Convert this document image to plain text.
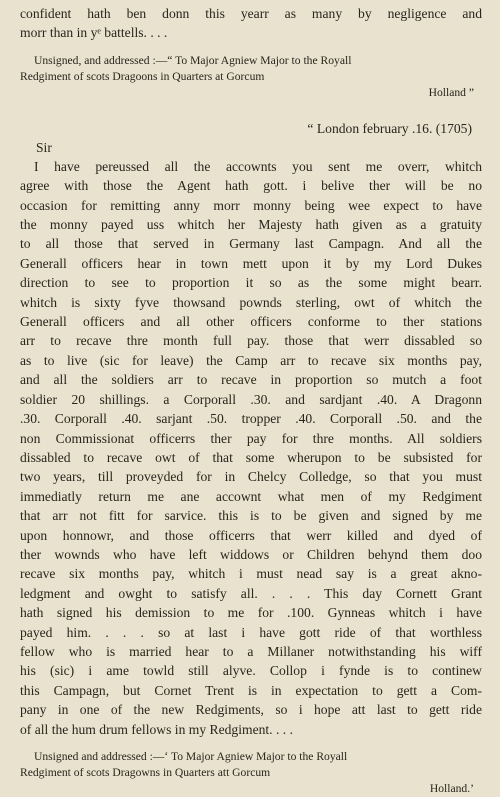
confident hath ben donn this yearr as many by negligence and
morr than in yᵉ battells. . . .

Unsigned, and addressed :—“ To Major Agniew Major to the Royall
Redgiment of scots Dragoons in Quarters at Gorcum
Holland ”

“ London february .16. (1705)

Sir

I have pereussed all the accownts you sent me overr, whitch
agree with those the Agent hath gott. i belive ther will be no
occasion for remitting anny morr monny being wee expect to have
the monny payed uss whitch her Majesty hath given as a gratuity
to all those that served in Germany last Campagn. And all the
Generall officers hear in town mett upon it by my Lord Dukes
direction to see to proportion it so as the some might bearr.
whitch is sixty fyve thowsand pownds sterling, owt of whitch the
Generall officers and all other officers conforme to ther stations
arr to recave thre month full pay. those that werr dissabled so
as to live (sic for leave) the Camp arr to recave six months pay,
and all the soldiers arr to recave in proportion so mutch a foot
soldier 20 shillings. a Corporall .30. and sardjant .40. A Dragonn
.30. Corporall .40. sarjant .50. tropper .40. Corporall .50. and the
non Commissionat officerrs ther pay for thre months. All soldiers
dissabled to recave owt of that some wherupon to be subsisted for
two years, till proveyded for in Chelcy Colledge, so that you must
immediatly return me ane accownt what men of my Redgiment
that arr not fitt for sarvice. this is to be given and signed by me
upon honnowr, and those officerrs that werr killed and dyed of
ther wownds who have left widdows or Children behynd them doo
recave six months pay, whitch i must nead say is a great akno-
ledgment and owght to satisfy all. . . . This day Cornett Grant
hath signed his demission to me for .100. Gynneas whitch i have
payed him. . . . so at last i have gott ride of that worthless
fellow who is married hear to a Millaner notwithstanding his wiff
his (sic) i ame towld still alyve. Collop i fynde is to continew
this Campagn, but Cornet Trent is in expectation to gett a Com-
pany in one of the new Redgiments, so i hope att last to gett ride
of all the hum drum fellows in my Redgiment. . . .

Unsigned and addressed :—‘ To Major Agniew Major to the Royall
Redgiment of scots Dragowns in Quarters att Gorcum
Holland.’
